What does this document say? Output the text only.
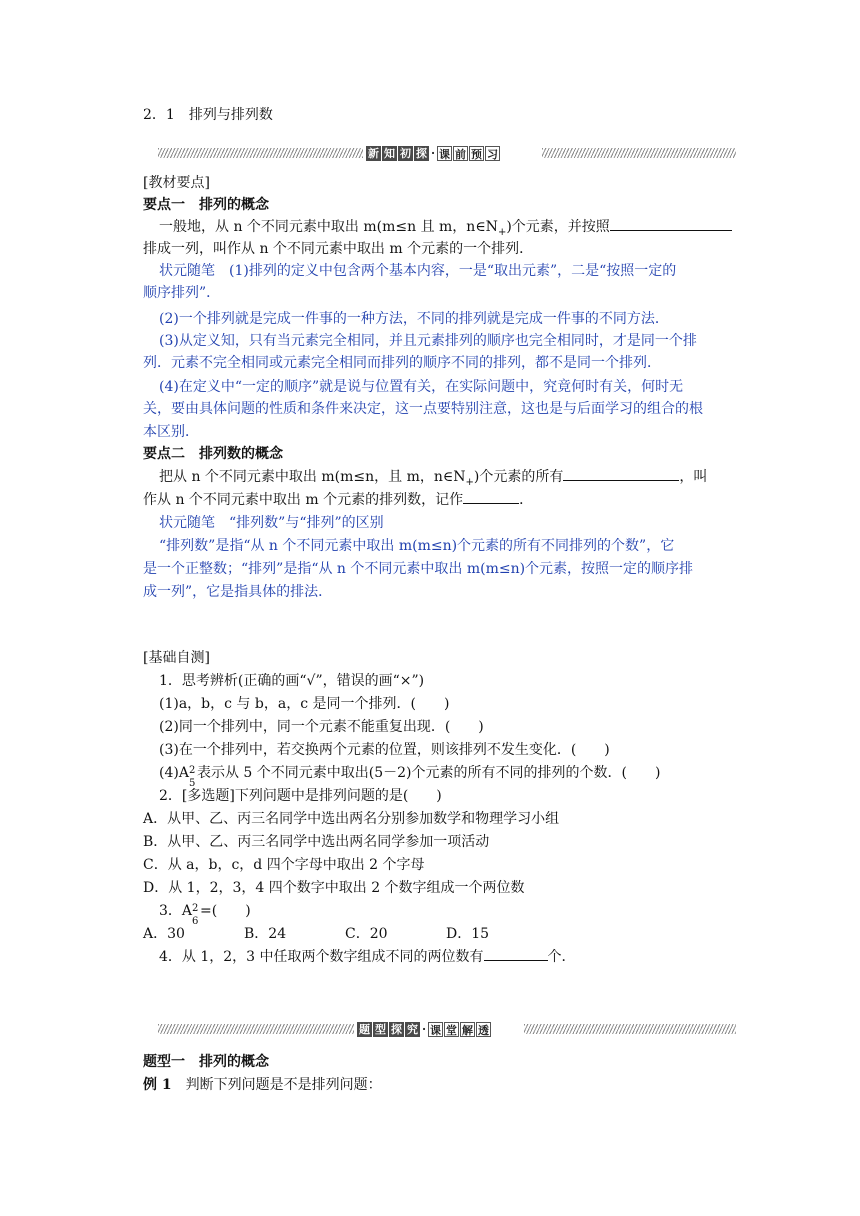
2．1　排列与排列数
新 知 初 探 · 课 前 预 习
[教材要点]
要点一　排列的概念
一般地，从 n 个不同元素中取出 m(m≤n 且 m，$n\in N_+$)个元素，并按照
排成一列，叫作从 n 个不同元素中取出 m 个元素的一个排列．
状元随笔　(1)排列的定义中包含两个基本内容，一是“取出元素”，二是“按照一定的
顺序排列”．
(2)一个排列就是完成一件事的一种方法，不同的排列就是完成一件事的不同方法．
(3)从定义知，只有当元素完全相同，并且元素排列的顺序也完全相同时，才是同一个排
列．元素不完全相同或元素完全相同而排列的顺序不同的排列，都不是同一个排列．
(4)在定义中“一定的顺序”就是说与位置有关，在实际问题中，究竟何时有关，何时无
关，要由具体问题的性质和条件来决定，这一点要特别注意，这也是与后面学习的组合的根
本区别．
要点二　排列数的概念
把从 n 个不同元素中取出 m(m≤n，且 m，$n\in N_+$)个元素的所有	，叫
作从 n 个不同元素中取出 m 个元素的排列数，记作	．
状元随笔　“排列数”与“排列”的区别
“排列数”是指“从 n 个不同元素中取出 m(m≤n)个元素的所有不同排列的个数”，它
是一个正整数；“排列”是指“从 n 个不同元素中取出 m(m≤n)个元素，按照一定的顺序排
成一列”，它是指具体的排法．
[基础自测]
1．思考辨析(正确的画“√”，错误的画“×”)
(1)a，b，c 与 b，a，c 是同一个排列．(　　)
(2)同一个排列中，同一个元素不能重复出现．(　　)
(3)在一个排列中，若交换两个元素的位置，则该排列不发生变化．(　　)
(4)A 2
5
表示从 5 个不同元素中取出(5－2)个元素的所有不同的排列的个数．(　　)
2．[多选题]下列问题中是排列问题的是(　　)
A．从甲、乙、丙三名同学中选出两名分别参加数学和物理学习小组
B．从甲、乙、丙三名同学中选出两名同学参加一项活动
C．从 a，b，c，d 四个字母中取出 2 个字母
D．从 1，2，3，4 四个数字中取出 2 个数字组成一个两位数
3．A 2
6
=(　　)
A．30	B．24	C．20	D．15
4．从 1，2，3 中任取两个数字组成不同的两位数有	个．
题 型 探 究 · 课 堂 解 透
题型一　排列的概念
例 1　判断下列问题是不是排列问题：
